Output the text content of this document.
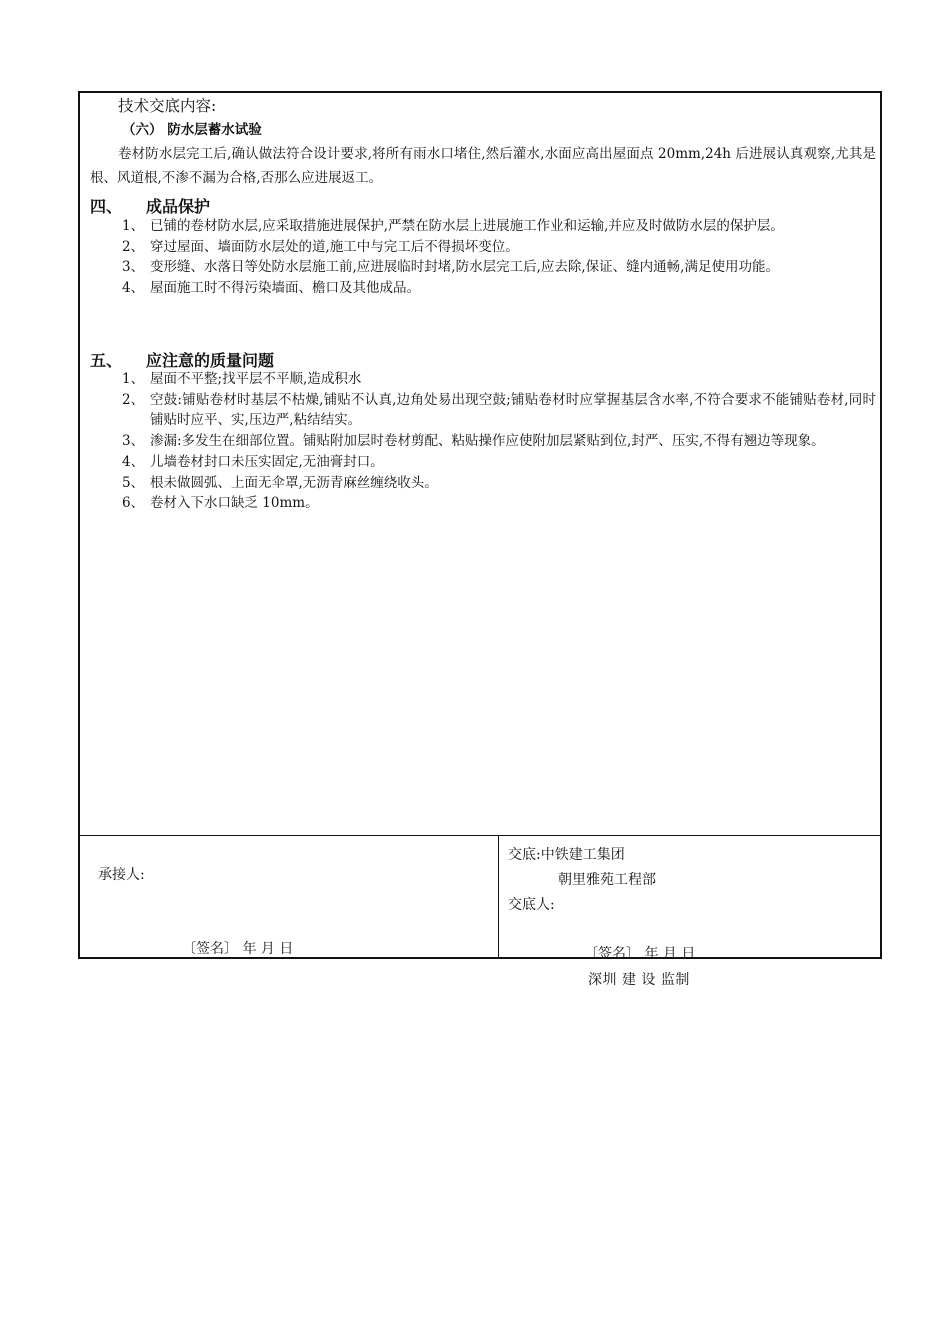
技术交底内容:
（六） 防水层蓄水试验
卷材防水层完工后,确认做法符合设计要求,将所有雨水口堵住,然后灌水,水面应高出屋面点 20mm,24h 后进展认真观察,尤其是根、风道根,不渗不漏为合格,否那么应进展返工。
四、 成品保护
1、 已铺的卷材防水层,应采取措施进展保护,严禁在防水层上进展施工作业和运输,并应及时做防水层的保护层。
2、 穿过屋面、墙面防水层处的道,施工中与完工后不得损坏变位。
3、 变形缝、水落日等处防水层施工前,应进展临时封堵,防水层完工后,应去除,保证、缝内通畅,满足使用功能。
4、 屋面施工时不得污染墙面、檐口及其他成品。
五、 应注意的质量问题
1、 屋面不平整;找平层不平顺,造成积水
2、 空鼓:铺贴卷材时基层不枯燥,铺贴不认真,边角处易出现空鼓;铺贴卷材时应掌握基层含水率,不符合要求不能铺贴卷材,同时铺贴时应平、实,压边严,粘结结实。
3、 渗漏:多发生在细部位置。铺贴附加层时卷材剪配、粘贴操作应使附加层紧贴到位,封严、压实,不得有翘边等现象。
4、 儿墙卷材封口未压实固定,无油膏封口。
5、 根未做圆弧、上面无伞罩,无沥青麻丝缠绕收头。
6、 卷材入下水口缺乏 10mm。
承接人:
〔签名〕 年 月 日
交底:中铁建工集团
朝里雅苑工程部
交底人:
〔签名〕 年 月 日
深圳 建 设 监制
